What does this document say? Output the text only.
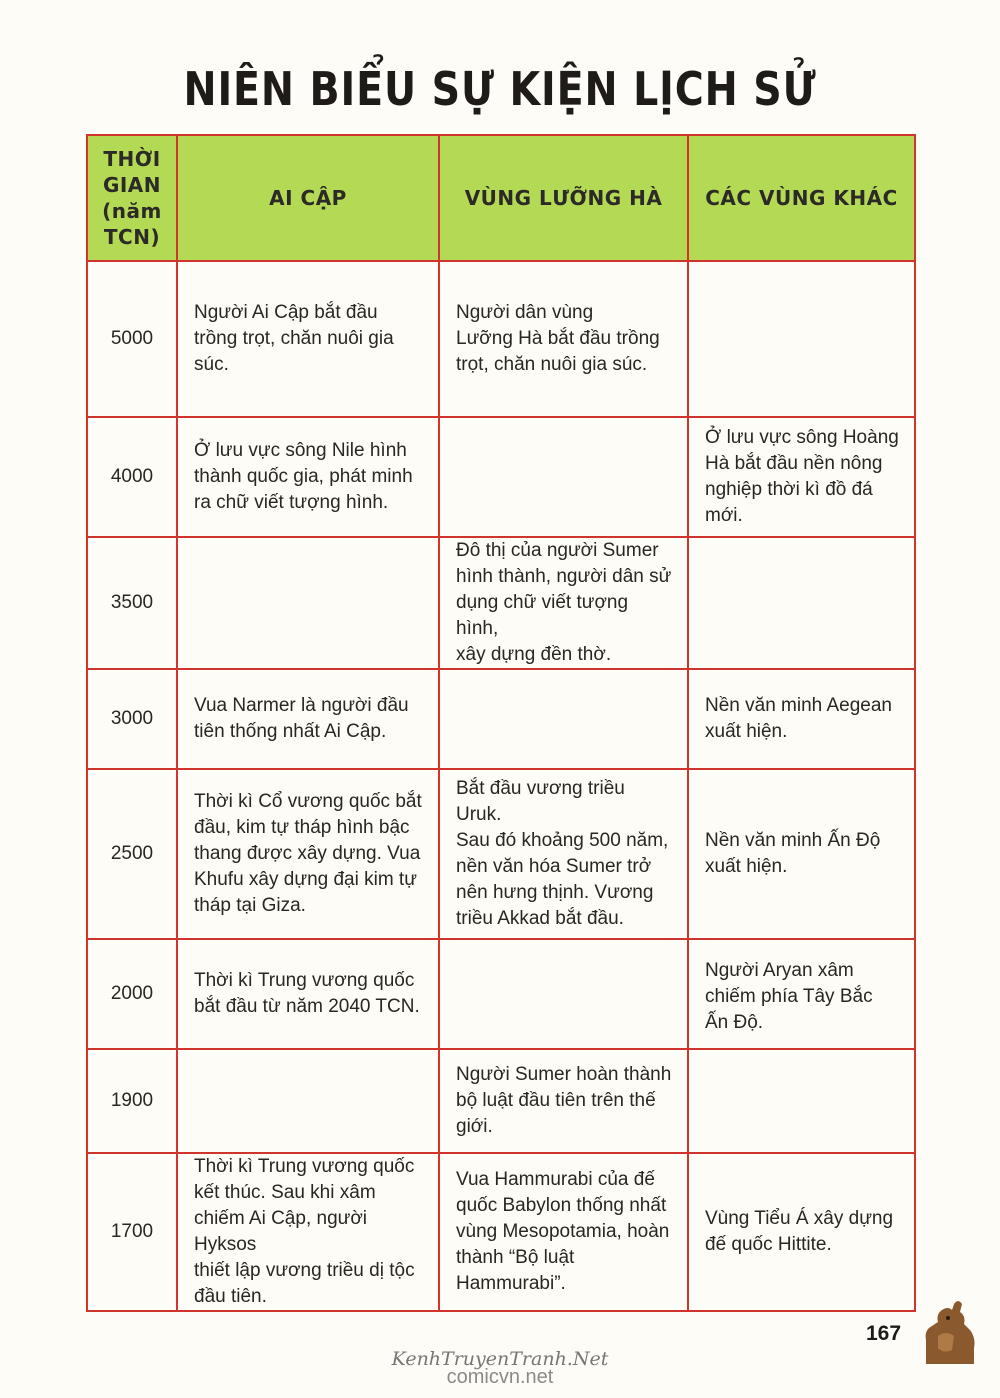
NIÊN BIỂU SỰ KIỆN LỊCH SỬ
THỜI
GIAN
(năm
TCN)	AI CẬP	VÙNG LƯỠNG HÀ	CÁC VÙNG KHÁC
5000	Người Ai Cập bắt đầu
trồng trọt, chăn nuôi gia
súc.	Người dân vùng
Lưỡng Hà bắt đầu trồng
trọt, chăn nuôi gia súc.	
4000	Ở lưu vực sông Nile hình
thành quốc gia, phát minh
ra chữ viết tượng hình.		Ở lưu vực sông Hoàng
Hà bắt đầu nền nông
nghiệp thời kì đồ đá
mới.
3500		Đô thị của người Sumer
hình thành, người dân sử
dụng chữ viết tượng hình,
xây dựng đền thờ.	
3000	Vua Narmer là người đầu
tiên thống nhất Ai Cập.		Nền văn minh Aegean
xuất hiện.
2500	Thời kì Cổ vương quốc bắt
đầu, kim tự tháp hình bậc
thang được xây dựng. Vua
Khufu xây dựng đại kim tự
tháp tại Giza.	Bắt đầu vương triều Uruk.
Sau đó khoảng 500 năm,
nền văn hóa Sumer trở
nên hưng thịnh. Vương
triều Akkad bắt đầu.	Nền văn minh Ấn Độ
xuất hiện.
2000	Thời kì Trung vương quốc
bắt đầu từ năm 2040 TCN.		Người Aryan xâm
chiếm phía Tây Bắc
Ấn Độ.
1900		Người Sumer hoàn thành
bộ luật đầu tiên trên thế
giới.	
1700	Thời kì Trung vương quốc
kết thúc. Sau khi xâm
chiếm Ai Cập, người Hyksos
thiết lập vương triều dị tộc
đầu tiên.	Vua Hammurabi của đế
quốc Babylon thống nhất
vùng Mesopotamia, hoàn
thành “Bộ luật Hammurabi”.	Vùng Tiểu Á xây dựng
đế quốc Hittite.
167
KenhTruyenTranh.Net
comicvn.net
